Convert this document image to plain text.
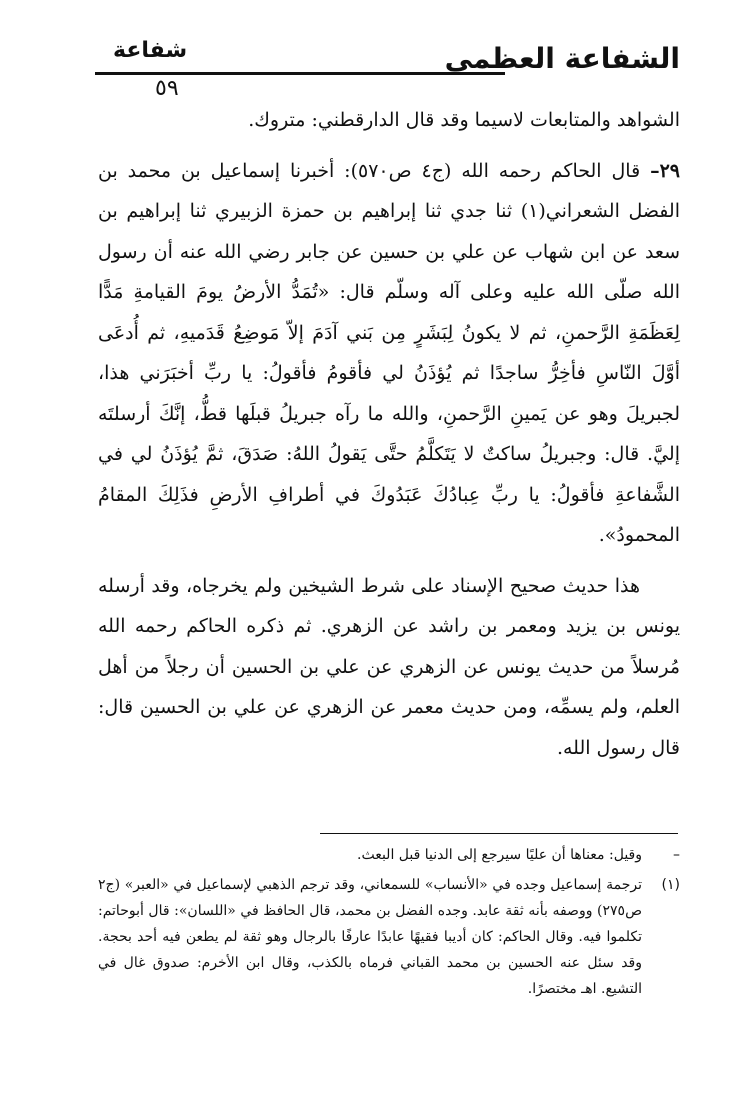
الشفاعة العظمى
شفاعة
٥٩

الشواهد والمتابعات لاسيما وقد قال الدارقطني: متروك.

٢٩– قال الحاكم رحمه الله (ج٤ ص٥٧٠): أخبرنا إسماعيل بن محمد بن الفضل الشعراني(١) ثنا جدي ثنا إبراهيم بن حمزة الزبيري ثنا إبراهيم بن سعد عن ابن شهاب عن علي بن حسين عن جابر رضي الله عنه أن رسول الله صلّى الله عليه وعلى آله وسلّم قال: «تُمَدُّ الأرضُ يومَ القيامةِ مَدًّا لِعَظَمَةِ الرَّحمنِ، ثم لا يكونُ لِبَشَرٍ مِن بَني آدَمَ إلاّ مَوضِعُ قَدَميهِ، ثم أُدعَى أوَّلَ النّاسِ فأخِرُّ ساجدًا ثم يُؤذَنُ لي فأقومُ فأقولُ: يا ربِّ أخبَرَني هذا، لجبريلَ وهو عن يَمينِ الرَّحمنِ، والله ما رآه جبريلُ قبلَها قطُّ، إنَّكَ أرسلتَه إليَّ. قال: وجبريلُ ساكتٌ لا يَتَكلَّمُ حتَّى يَقولُ اللهُ: صَدَقَ، ثمَّ يُؤذَنُ لي في الشَّفاعةِ فأقولُ: يا ربِّ عِبادُكَ عَبَدُوكَ في أطرافِ الأرضِ فذَلِكَ المقامُ المحمودُ».

هذا حديث صحيح الإسناد على شرط الشيخين ولم يخرجاه، وقد أرسله يونس بن يزيد ومعمر بن راشد عن الزهري. ثم ذكره الحاكم رحمه الله مُرسلاً من حديث يونس عن الزهري عن علي بن الحسين أن رجلاً من أهل العلم، ولم يسمِّه، ومن حديث معمر عن الزهري عن علي بن الحسين قال: قال رسول الله.

–
وقيل: معناها أن عليًا سيرجع إلى الدنيا قبل البعث.

(١)
ترجمة إسماعيل وجده في «الأنساب» للسمعاني، وقد ترجم الذهبي لإسماعيل في «العبر» (ج٢ ص٢٧٥) ووصفه بأنه ثقة عابد. وجده الفضل بن محمد، قال الحافظ في «اللسان»: قال أبوحاتم: تكلموا فيه. وقال الحاكم: كان أديبا فقيهًا عابدًا عارفًا بالرجال وهو ثقة لم يطعن فيه أحد بحجة. وقد سئل عنه الحسين بن محمد القباني فرماه بالكذب، وقال ابن الأخرم: صدوق غال في التشيع. اهـ مختصرًا.
